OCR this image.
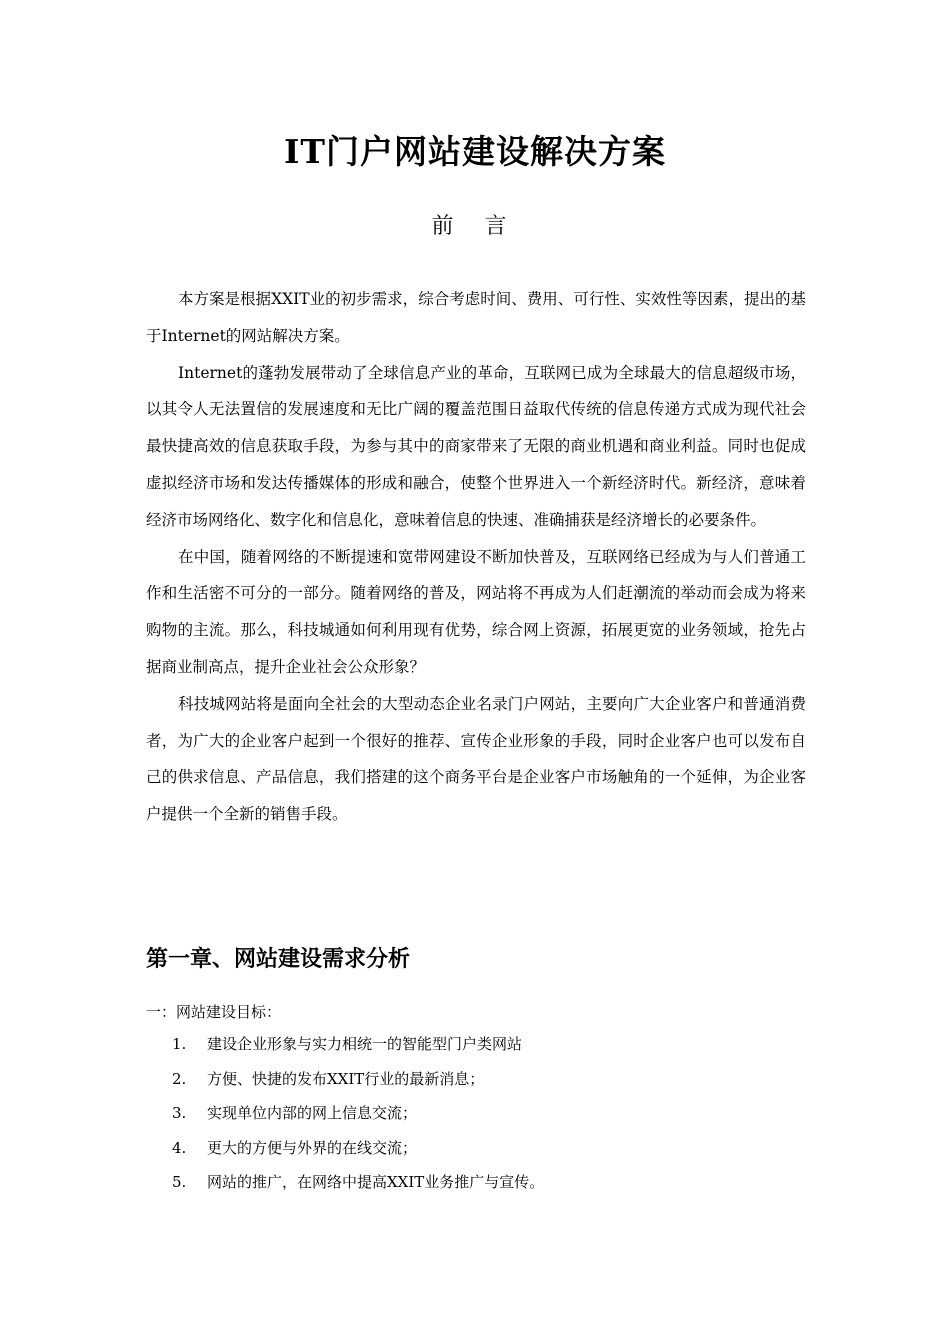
IT门户网站建设解决方案
前 言

本方案是根据XXIT业的初步需求，综合考虑时间、费用、可行性、实效性等因素，提出的基于Internet的网站解决方案。

Internet的蓬勃发展带动了全球信息产业的革命，互联网已成为全球最大的信息超级市场，以其令人无法置信的发展速度和无比广阔的覆盖范围日益取代传统的信息传递方式成为现代社会最快捷高效的信息获取手段，为参与其中的商家带来了无限的商业机遇和商业利益。同时也促成虚拟经济市场和发达传播媒体的形成和融合，使整个世界进入一个新经济时代。新经济，意味着经济市场网络化、数字化和信息化，意味着信息的快速、准确捕获是经济增长的必要条件。

在中国，随着网络的不断提速和宽带网建设不断加快普及，互联网络已经成为与人们普通工作和生活密不可分的一部分。随着网络的普及，网站将不再成为人们赶潮流的举动而会成为将来购物的主流。那么，科技城通如何利用现有优势，综合网上资源，拓展更宽的业务领域，抢先占据商业制高点，提升企业社会公众形象？

科技城网站将是面向全社会的大型动态企业名录门户网站，主要向广大企业客户和普通消费者，为广大的企业客户起到一个很好的推荐、宣传企业形象的手段，同时企业客户也可以发布自己的供求信息、产品信息，我们搭建的这个商务平台是企业客户市场触角的一个延伸，为企业客户提供一个全新的销售手段。

第一章、网站建设需求分析
一：网站建设目标：
1.	建设企业形象与实力相统一的智能型门户类网站
2.	方便、快捷的发布XXIT行业的最新消息；
3.	实现单位内部的网上信息交流；
4.	更大的方便与外界的在线交流；
5.	网站的推广，在网络中提高XXIT业务推广与宣传。
